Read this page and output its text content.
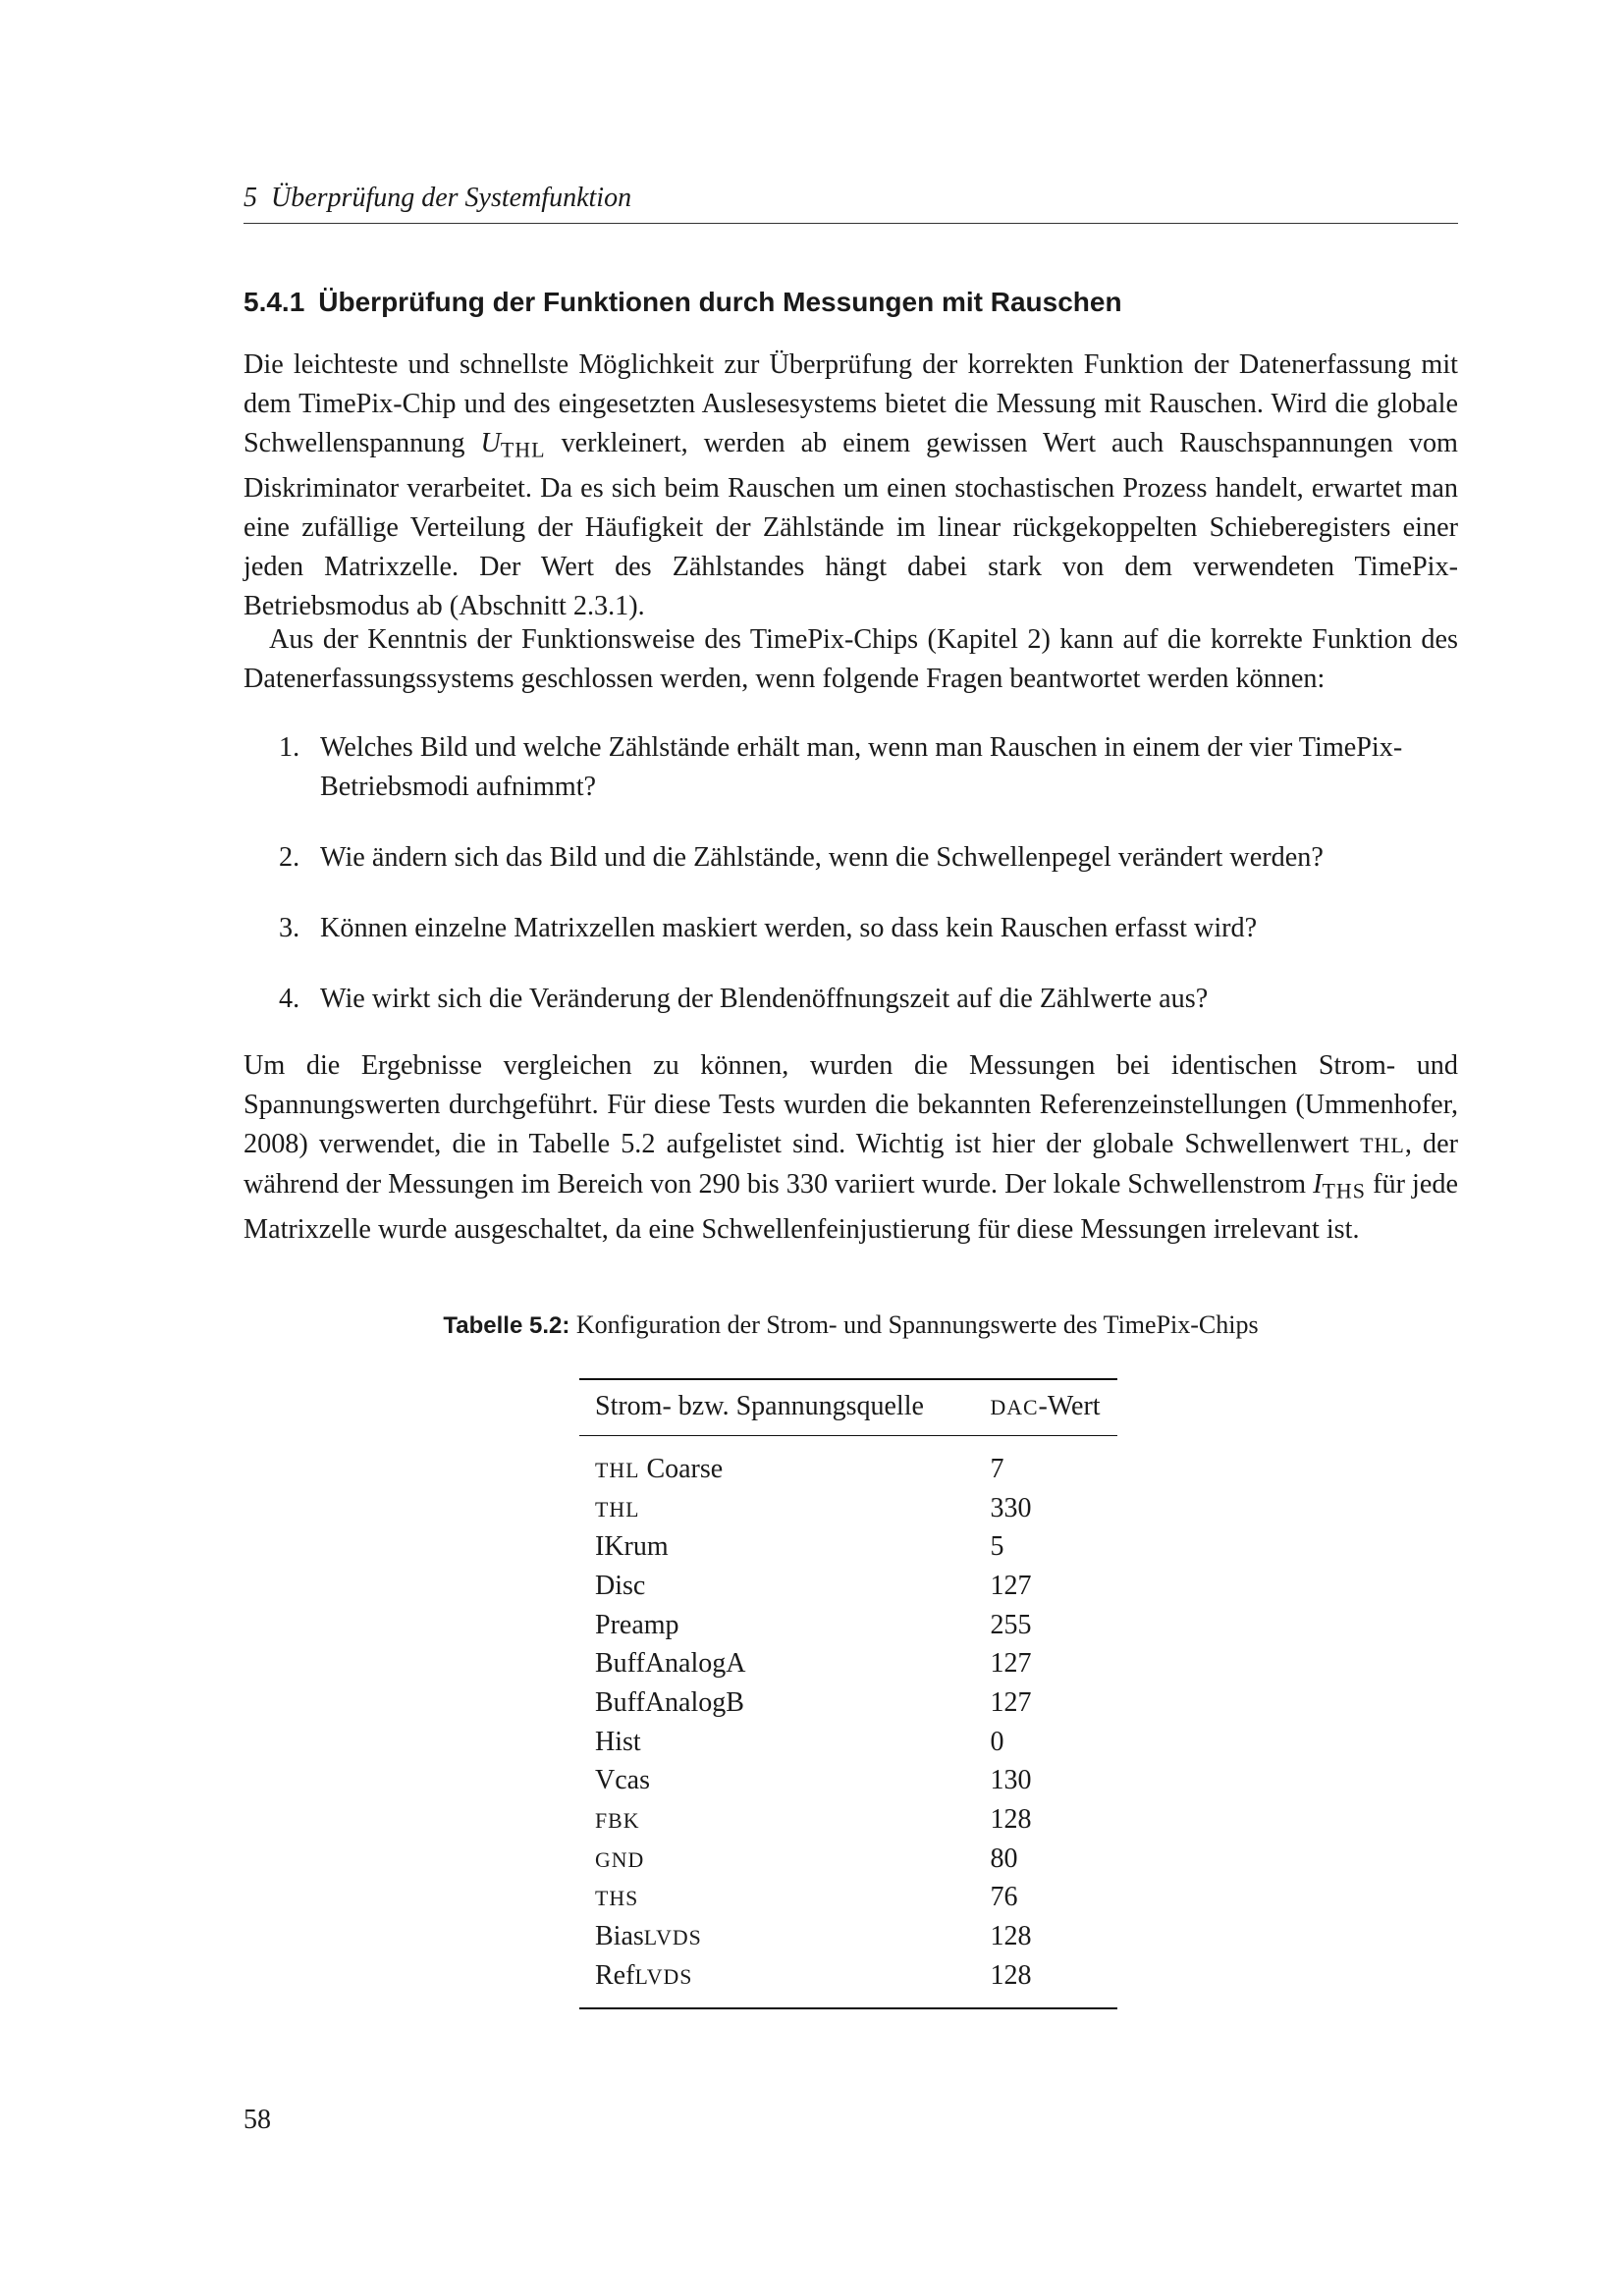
5 Überprüfung der Systemfunktion
5.4.1 Überprüfung der Funktionen durch Messungen mit Rauschen

Die leichteste und schnellste Möglichkeit zur Überprüfung der korrekten Funktion der Datenerfassung mit dem TimePix-Chip und des eingesetzten Auslesesystems bietet die Messung mit Rauschen. Wird die globale Schwellenspannung $U_{THL}$ verkleinert, werden ab einem gewissen Wert auch Rauschspannungen vom Diskriminator verarbeitet. Da es sich beim Rauschen um einen stochastischen Prozess handelt, erwartet man eine zufällige Verteilung der Häufigkeit der Zählstände im linear rückgekoppelten Schieberegisters einer jeden Matrixzelle. Der Wert des Zählstandes hängt dabei stark von dem verwendeten TimePix-Betriebsmodus ab (Abschnitt 2.3.1).

Aus der Kenntnis der Funktionsweise des TimePix-Chips (Kapitel 2) kann auf die korrekte Funktion des Datenerfassungssystems geschlossen werden, wenn folgende Fragen beantwortet werden können:

1. Welches Bild und welche Zählstände erhält man, wenn man Rauschen in einem der vier TimePix-Betriebsmodi aufnimmt?
2. Wie ändern sich das Bild und die Zählstände, wenn die Schwellenpegel verändert werden?
3. Können einzelne Matrixzellen maskiert werden, so dass kein Rauschen erfasst wird?
4. Wie wirkt sich die Veränderung der Blendenöffnungszeit auf die Zählwerte aus?

Um die Ergebnisse vergleichen zu können, wurden die Messungen bei identischen Strom- und Spannungswerten durchgeführt. Für diese Tests wurden die bekannten Referenzeinstellungen (Ummenhofer, 2008) verwendet, die in Tabelle 5.2 aufgelistet sind. Wichtig ist hier der globale Schwellenwert THL, der während der Messungen im Bereich von 290 bis 330 variiert wurde. Der lokale Schwellenstrom $I_{THS}$ für jede Matrixzelle wurde ausgeschaltet, da eine Schwellenfeinjustierung für diese Messungen irrelevant ist.

Tabelle 5.2: Konfiguration der Strom- und Spannungswerte des TimePix-Chips
Strom- bzw. Spannungsquelle	DAC-Wert
THL Coarse	7
THL	330
IKrum	5
Disc	127
Preamp	255
BuffAnalogA	127
BuffAnalogB	127
Hist	0
Vcas	130
FBK	128
GND	80
THS	76
BiasLVDS	128
RefLVDS	128
58
